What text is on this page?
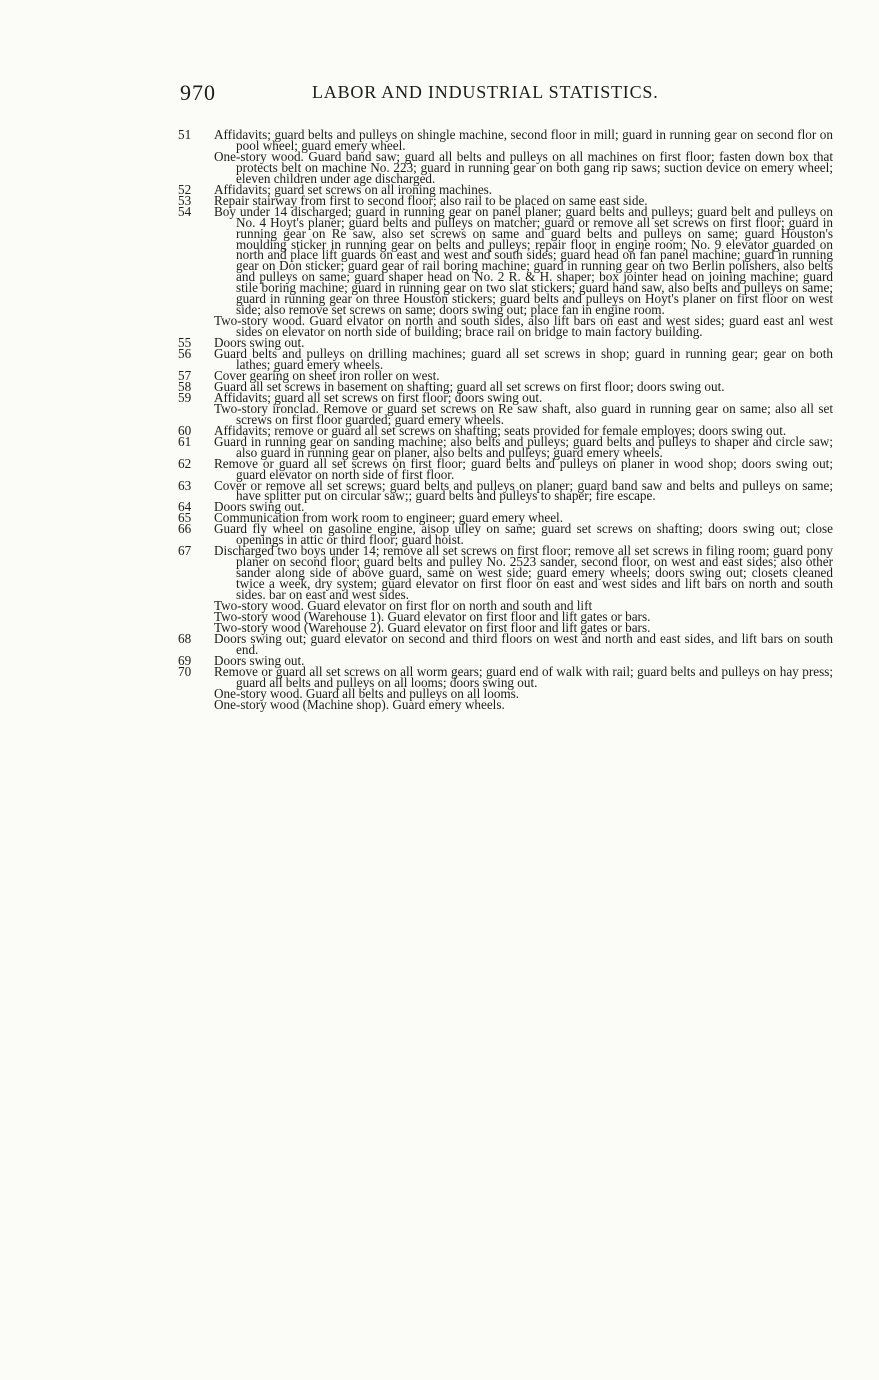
970	LABOR AND INDUSTRIAL STATISTICS.
51	Affidavits; guard belts and pulleys on shingle machine, second floor in mill; guard in running gear on second flor on pool wheel; guard emery wheel.
One-story wood. Guard band saw; guard all belts and pulleys on all machines on first floor; fasten down box that protects belt on machine No. 223; guard in running gear on both gang rip saws; suction device on emery wheel; eleven children under age discharged.
52	Affidavits; guard set screws on all ironing machines.
53	Repair stairway from first to second floor; also rail to be placed on same east side.
54	Boy under 14 discharged; guard in running gear on panel planer; guard belts and pulleys; guard belt and pulleys on No. 4 Hoyt's planer; guard belts and pulleys on matcher; guard or remove all set screws on first floor; guard in running gear on Re saw, also set screws on same and guard belts and pulleys on same; guard Houston's moulding sticker in running gear on belts and pulleys; repair floor in engine room; No. 9 elevator guarded on north and place lift guards on east and west and south sides; guard head on fan panel machine; guard in running gear on Don sticker; guard gear of rail boring machine; guard in running gear on two Berlin polishers, also belts and pulleys on same; guard shaper head on No. 2 R. & H. shaper; box jointer head on joining machine; guard stile boring machine; guard in running gear on two slat stickers; guard hand saw, also belts and pulleys on same; guard in running gear on three Houston stickers; guard belts and pulleys on Hoyt's planer on first floor on west side; also remove set screws on same; doors swing out; place fan in engine room.
Two-story wood. Guard elvator on north and south sides, also lift bars on east and west sides; guard east anl west sides on elevator on north side of building; brace rail on bridge to main factory building.
55	Doors swing out.
56	Guard belts and pulleys on drilling machines; guard all set screws in shop; guard in running gear; gear on both lathes; guard emery wheels.
57	Cover gearing on sheet iron roller on west.
58	Guard all set screws in basement on shafting; guard all set screws on first floor; doors swing out.
59	Affidavits; guard all set screws on first floor; doors swing out.
Two-story ironclad. Remove or guard set screws on Re saw shaft, also guard in running gear on same; also all set screws on first floor guarded; guard emery wheels.
60	Affidavits; remove or guard all set screws on shafting; seats provided for female employes; doors swing out.
61	Guard in running gear on sanding machine; also belts and pulleys; guard belts and pulleys to shaper and circle saw; also guard in running gear on planer, also belts and pulleys; guard emery wheels.
62	Remove or guard all set screws on first floor; guard belts and pulleys on planer in wood shop; doors swing out; guard elevator on north side of first floor.
63	Cover or remove all set screws; guard belts and pulleys on planer; guard band saw and belts and pulleys on same; have splitter put on circular saw;; guard belts and pulleys to shaper; fire escape.
64	Doors swing out.
65	Communication from work room to engineer; guard emery wheel.
66	Guard fly wheel on gasoline engine, aisop ulley on same; guard set screws on shafting; doors swing out; close openings in attic or third floor; guard hoist.
67	Discharged two boys under 14; remove all set screws on first floor; remove all set screws in filing room; guard pony planer on second floor; guard belts and pulley No. 2523 sander, second floor, on west and east sides; also other sander along side of above guard, same on west side; guard emery wheels; doors swing out; closets cleaned twice a week, dry system; guard elevator on first floor on east and west sides and lift bars on north and south sides. bar on east and west sides.
Two-story wood. Guard elevator on first flor on north and south and lift
Two-story wood (Warehouse 1). Guard elevator on first floor and lift gates or bars.
Two-story wood (Warehouse 2). Guard elevator on first floor and lift gates or bars.
68	Doors swing out; guard elevator on second and third floors on west and north and east sides, and lift bars on south end.
69	Doors swing out.
70	Remove or guard all set screws on all worm gears; guard end of walk with rail; guard belts and pulleys on hay press; guard all belts and pulleys on all looms; doors swing out.
One-story wood. Guard all belts and pulleys on all looms.
One-story wood (Machine shop). Guard emery wheels.
